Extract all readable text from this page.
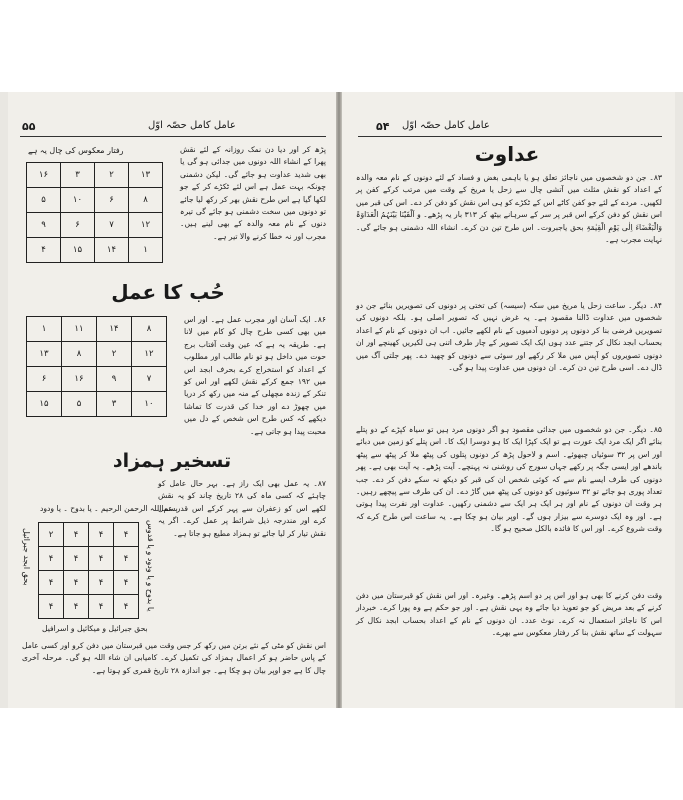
۵۵	عامل کامل حصّہ اوّل
پڑھ کر اور دیا دن نمک روزانہ کے لئے نقش پھرا کے انشاء اللہ دونوں میں جدائی ہو گی یا بھی شدید عداوت ہو جائے گی۔ لیکن دشمنی چونکہ بہت عمل ہے اس لئے ٹکڑے کر کے جو لکھا گیا ہے اس طرح نقش بھر کر رکھ لیا جائے تو دونوں میں سخت دشمنی ہو جائے گی تیرہ دنوں کے نام معہ والدہ کے بھی لینے ہیں۔ مجرب اور نہ خطا کرنے والا تیر ہے۔
رفتار معکوس کی چال یہ ہے
۱۶	۳	۲	۱۳
۵	۱۰	۶	۸
۹	۶	۷	۱۲
۴	۱۵	۱۴	۱
حُب کا عمل
۸۶۔ ایک آسان اور مجرب عمل ہے۔ اور اس میں بھی کسی طرح چال کو کام میں لانا ہے۔ طریقہ یہ ہے کہ عین وقت آفتاب برج حوت میں داخل ہو تو نام طالب اور مطلوب کے اعداد کو استخراج کرے بحرف ابجد اس میں ۱۹۲ جمع کرکے نقش لکھے اور اس کو تنکر کے زندہ مچھلی کے منہ میں رکھ کر دریا میں چھوڑ دے اور خدا کی قدرت کا تماشا دیکھے کہ کس طرح اس شخص کے دل میں محبت پیدا ہو جاتی ہے۔
۱	۱۱	۱۴	۸
۱۳	۸	۲	۱۲
۶	۱۶	۹	۷
۱۵	۵	۳	۱۰
تسخیر ہمزاد
۸۷۔ یہ عمل بھی ایک راز ہے۔ بہر حال عامل کو چاہئے کہ کسی ماہ کی ۲۸ تاریخ چاند کو یہ نقش لکھے اس کو زعفران سے پہر کرکے اس قدر عمل کرے اور مندرجہ ذیل شرائط پر عمل کرے۔ اگر یہ نقش تیار کر لیا جائے تو ہمزاد مطیع ہو جاتا ہے۔
بسم اللہ الرحمن الرحیم ۔ یا بدوح ۔ یا ودود
یا بدوح و یا ودود و یا قدوس
بحق ابجد جبرائیل ۲	۴	۴	۴
۴	۴	۴	۴
۴	۴	۴	۴
۴	۴	۴	۴
بحق جبرائیل و میکائیل و اسرافیل
اس نقش کو مٹی کے نئے برتن میں رکھ کر جس وقت میں قبرستان میں دفن کرو اور کسی عامل کے پاس حاضر ہو کر اعمال ہمزاد کی تکمیل کرے۔ کامیابی ان شاء اللہ ہو گی۔ مرحلہ آخری چال کا ہے جو اوپر بیان ہو چکا ہے۔ جو اندازہ ۲۸ تاریخ قمری کو ہوتا ہے۔
عامل کامل حصّہ اوّل
۵۴
عداوت
۸۳۔ جن دو شخصوں میں ناجائز تعلق ہو یا باہمی بغض و فساد کے لئے دونوں کے نام معہ والدہ کے اعداد کو نقش مثلث میں آتشی چال سے زحل یا مریخ کے وقت میں مرتب کرکے کفن پر لکھیں۔ مردے کے لئے جو کفن کاٹے اس کے ٹکڑے کو ہی اس نقش کو دفن کر دے۔ اس کی قبر میں اس نقش کو دفن کرکے اس قبر پر سر کے سرہانے بیٹھ کر ۳۱۳ بار یہ پڑھے۔ و اَلْقَیْنَا بَیْنَہُمُ الْعَدَاوَۃَ وَالْبَغْضَاءَ اِلٰی یَوْمِ الْقِیٰمَۃِ بحق یاجبروت۔ اس طرح تین دن کرے۔ انشاء اللہ دشمنی ہو جائے گی۔ نہایت مجرب ہے۔
۸۴۔ دیگر۔ ساعت زحل یا مریخ میں سکہ (سیسہ) کی تختی پر دونوں کی تصویریں بنائے جن دو شخصوں میں عداوت ڈالنا مقصود ہے۔ یہ غرض نہیں کہ تصویر اصلی ہو۔ بلکہ دونوں کی تصویریں فرضی بنا کر دونوں پر دونوں آدمیوں کے نام لکھے جائیں۔ اب ان دونوں کے نام کے اعداد بحساب ابجد نکال کر جتنے عدد ہوں ایک ایک تصویر کے چار طرف اتنی ہی لکیریں کھینچے اور ان دونوں تصویروں کو آپس میں ملا کر رکھے اور سوئی سے دونوں کو چھید دے۔ پھر جلتی آگ میں ڈال دے۔ اسی طرح تین دن کرے۔ ان دونوں میں عداوت پیدا ہو گی۔
۸۵۔ دیگر۔ جن دو شخصوں میں جدائی مقصود ہو اگر دونوں مرد ہیں تو سیاہ کپڑے کے دو پتلے بنائے اگر ایک مرد ایک عورت ہے تو ایک کپڑا ایک کا ہو دوسرا ایک کا۔ اس پتلے کو زمین میں دبائے اور اس پر ۳۲ سوئیاں چبھوئے۔ اسم و لاحول پڑھ کر دونوں پتلوں کی پیٹھ ملا کر پیٹھ سے پیٹھ باندھے اور ایسی جگہ پر رکھے جہاں سورج کی روشنی نہ پہنچے۔ آیت پڑھے۔ یہ آیت بھی ہے۔ پھر دونوں کی طرف ایسے نام سے کہ کوئی شخص ان کی قبر کو دیکھ نہ سکے دفن کر دے۔ جب تعداد پوری ہو جائے تو ۳۲ سوئیوں کو دونوں کی پیٹھ میں گاڑ دے۔ ان کی طرف سے پیچھے رہیں۔ ہر وقت ان دونوں کے نام اور ہر ایک ہر ایک سے دشمنی رکھیں۔ عداوت اور نفرت پیدا ہوتی ہے۔ اور وہ ایک دوسرے سے بیزار ہوں گے۔ اوپر بیان ہو چکا ہے۔ یہ ساعت اس طرح کرے کہ وقت شروع کرے۔ اور اس کا فائدہ بالکل صحیح ہو گا۔
وقت دفن کرنے کا بھی ہو اور اس پر دو اسم پڑھے۔ وغیرہ۔ اور اس نقش کو قبرستان میں دفن کرنے کے بعد مریض کو جو تعویذ دیا جائے وہ یہی نقش ہے۔ اور جو حکم ہے وہ پورا کرے۔ خبردار اس کا ناجائز استعمال نہ کرے۔ نوٹ عدد۔ ان دونوں کے نام کے اعداد بحساب ابجد نکال کر سہولت کے ساتھ نقش بنا کر رفتار معکوس سے بھرے۔
